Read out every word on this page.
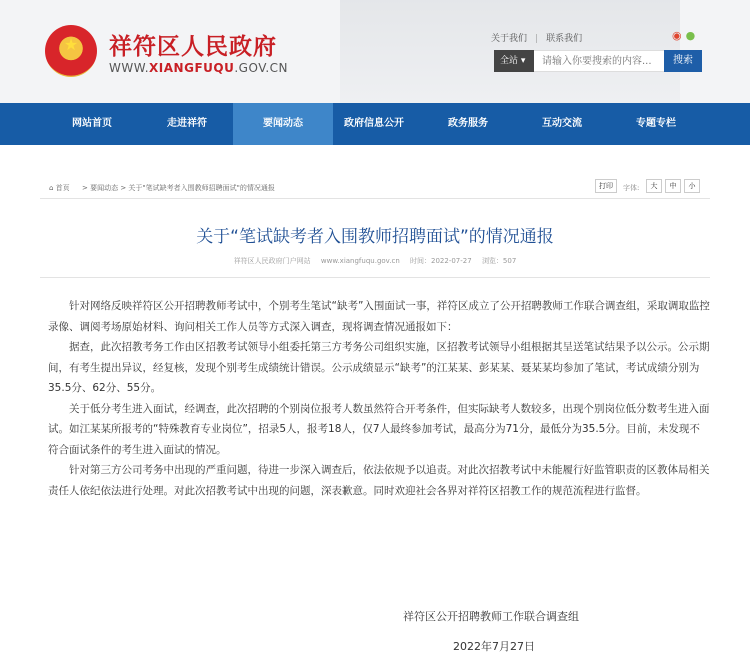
★	祥符区人民政府
WWW.XIANGFUQU.GOV.CN
关于我们 | 联系我们	◉ ●
全站 ▾
请输入你要搜索的内容...	搜索
网站首页	走进祥符	要闻动态	政府信息公开	政务服务	互动交流	专题专栏
⌂ 首页 > 要闻动态 > 关于"笔试缺考者入围教师招聘面试"的情况通报	打印	字体:	大	中	小
关于“笔试缺考者入围教师招聘面试”的情况通报
祥符区人民政府门户网站 www.xiangfuqu.gov.cn 时间：2022-07-27 浏览：507

　　针对网络反映祥符区公开招聘教师考试中，个别考生笔试“缺考”入围面试一事，祥符区成立了公开招聘教师工作联合调查组，采取调取监控录像、调阅考场原始材料、询问相关工作人员等方式深入调查，现将调查情况通报如下：

　　据查，此次招教考务工作由区招教考试领导小组委托第三方考务公司组织实施，区招教考试领导小组根据其呈送笔试结果予以公示。公示期间，有考生提出异议，经复核，发现个别考生成绩统计错误。公示成绩显示“缺考”的江某某、彭某某、聂某某均参加了笔试，考试成绩分别为35.5分、62分、55分。

　　关于低分考生进入面试，经调查，此次招聘的个别岗位报考人数虽然符合开考条件，但实际缺考人数较多，出现个别岗位低分数考生进入面试。如江某某所报考的“特殊教育专业岗位”，招录5人，报考18人，仅7人最终参加考试，最高分为71分，最低分为35.5分。目前，未发现不符合面试条件的考生进入面试的情况。

　　针对第三方公司考务中出现的严重问题，待进一步深入调查后，依法依规予以追责。对此次招教考试中未能履行好监管职责的区教体局相关责任人依纪依法进行处理。对此次招教考试中出现的问题，深表歉意。同时欢迎社会各界对祥符区招教工作的规范流程进行监督。

祥符区公开招聘教师工作联合调查组
2022年7月27日
